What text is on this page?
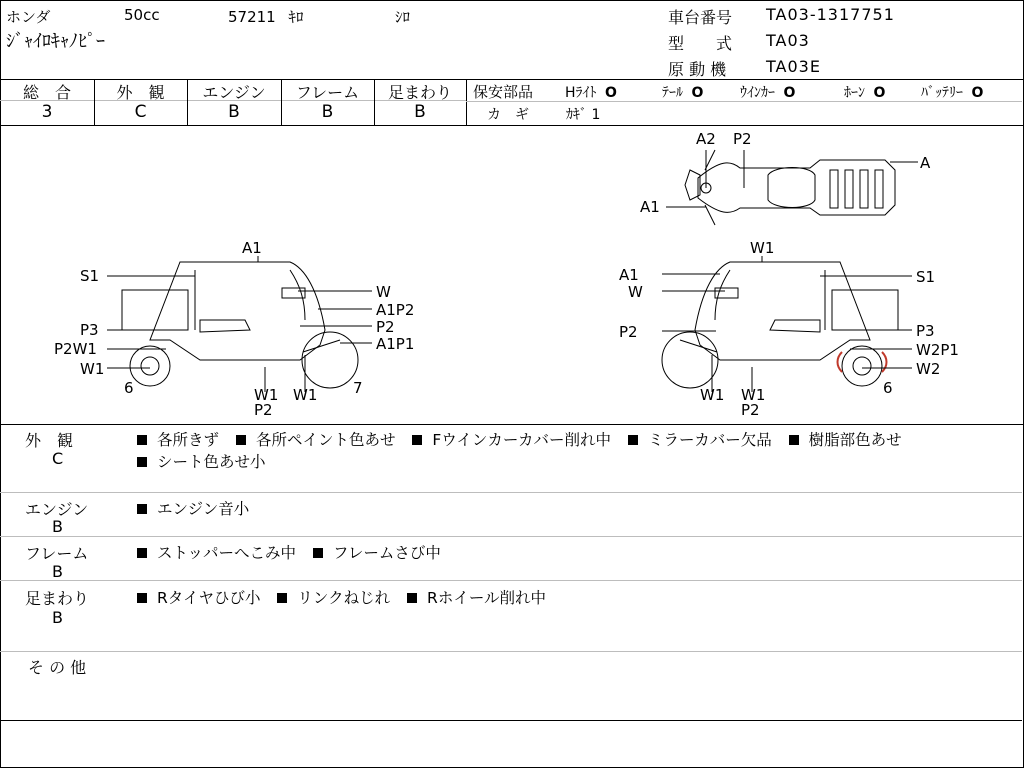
ホンダ	50cc	57211 ｷﾛ	ｼﾛ
ｼﾞｬｲﾛｷｬﾉﾋﾟｰ
車台番号 TA03-1317751
型　　式 TA03
原 動 機 TA03E
総　合	外　観	エンジン	フレーム	足まわり
3	C	B	B	B
保安部品 Hﾗｲﾄ O	ﾃｰﾙ O	ｳｲﾝｶｰ O	ﾎｰﾝ O	ﾊﾞｯﾃﾘｰ O
カ　ギ	ｶｷﾞ 1
A2 P2
A
A1
A1
S1
W
A1P2
P3	P2
P2W1	A1P1
W1
6	7
W1 W1
P2
W1
A1	S1
W
P2	P3
W2P1
W2
6
W1 W1
P2
外　観
C
各所きず 各所ペイント色あせ Fウインカーカバー削れ中 ミラーカバー欠品 樹脂部色あせ
シート色あせ小
エンジン
B
エンジン音小
フレーム
B
ストッパーへこみ中 フレームさび中
足まわり
B
Rタイヤひび小 リンクねじれ Rホイール削れ中
そ の 他
